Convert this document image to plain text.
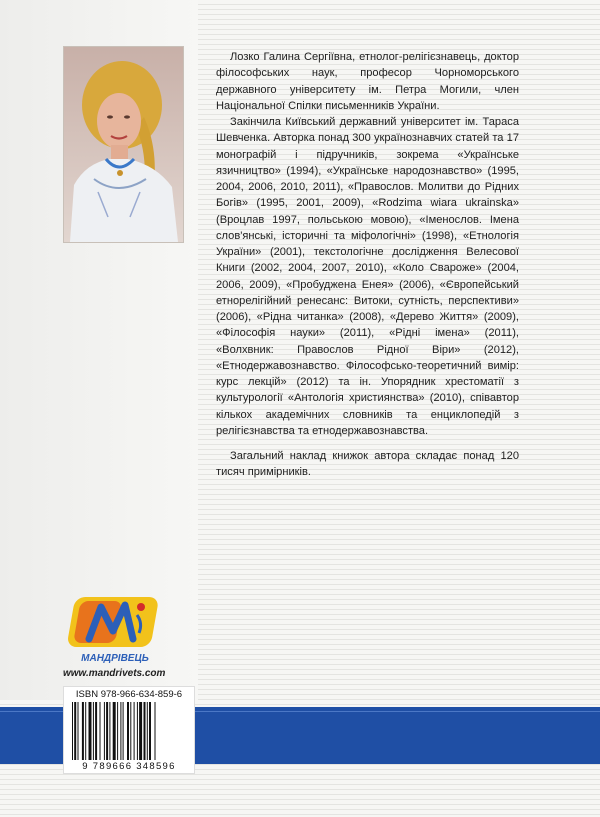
Лозко Галина Сергіївна, етнолог-релігієзнавець, доктор філософських наук, професор Чорноморського державного університету ім. Петра Могили, член Національної Спілки письменників України.

Закінчила Київський державний університет ім. Тараса Шевченка. Авторка понад 300 українознавчих статей та 17 монографій і підручників, зокрема «Українське язичництво» (1994), «Українське народознавство» (1995, 2004, 2006, 2010, 2011), «Правослов. Молитви до Рідних Богів» (1995, 2001, 2009), «Rodzima wiara ukrainska» (Вроцлав 1997, польською мовою), «Іменослов. Імена слов'янські, історичні та міфологічні» (1998), «Етнологія України» (2001), текстологічне дослідження Велесової Книги (2002, 2004, 2007, 2010), «Коло Свароже» (2004, 2006, 2009), «Пробуджена Енея» (2006), «Європейський етнорелігійний ренесанс: Витоки, сутність, перспективи» (2006), «Рідна читанка» (2008), «Дерево Життя» (2009), «Філософія науки» (2011), «Рідні імена» (2011), «Волхвник: Правослов Рідної Віри» (2012), «Етнодержавознавство. Філософсько-теоретичний вимір: курс лекцій» (2012) та ін. Упорядник хрестоматії з культурології «Антологія християнства» (2010), співавтор кількох академічних словників та енциклопедій з релігієзнавства та етнодержавознавства.

Загальний наклад книжок автора складає понад 120 тисяч примірників.

МАНДРІВЕЦЬ
www.mandrivets.com
ISBN 978-966-634-859-6
9 789666 348596
